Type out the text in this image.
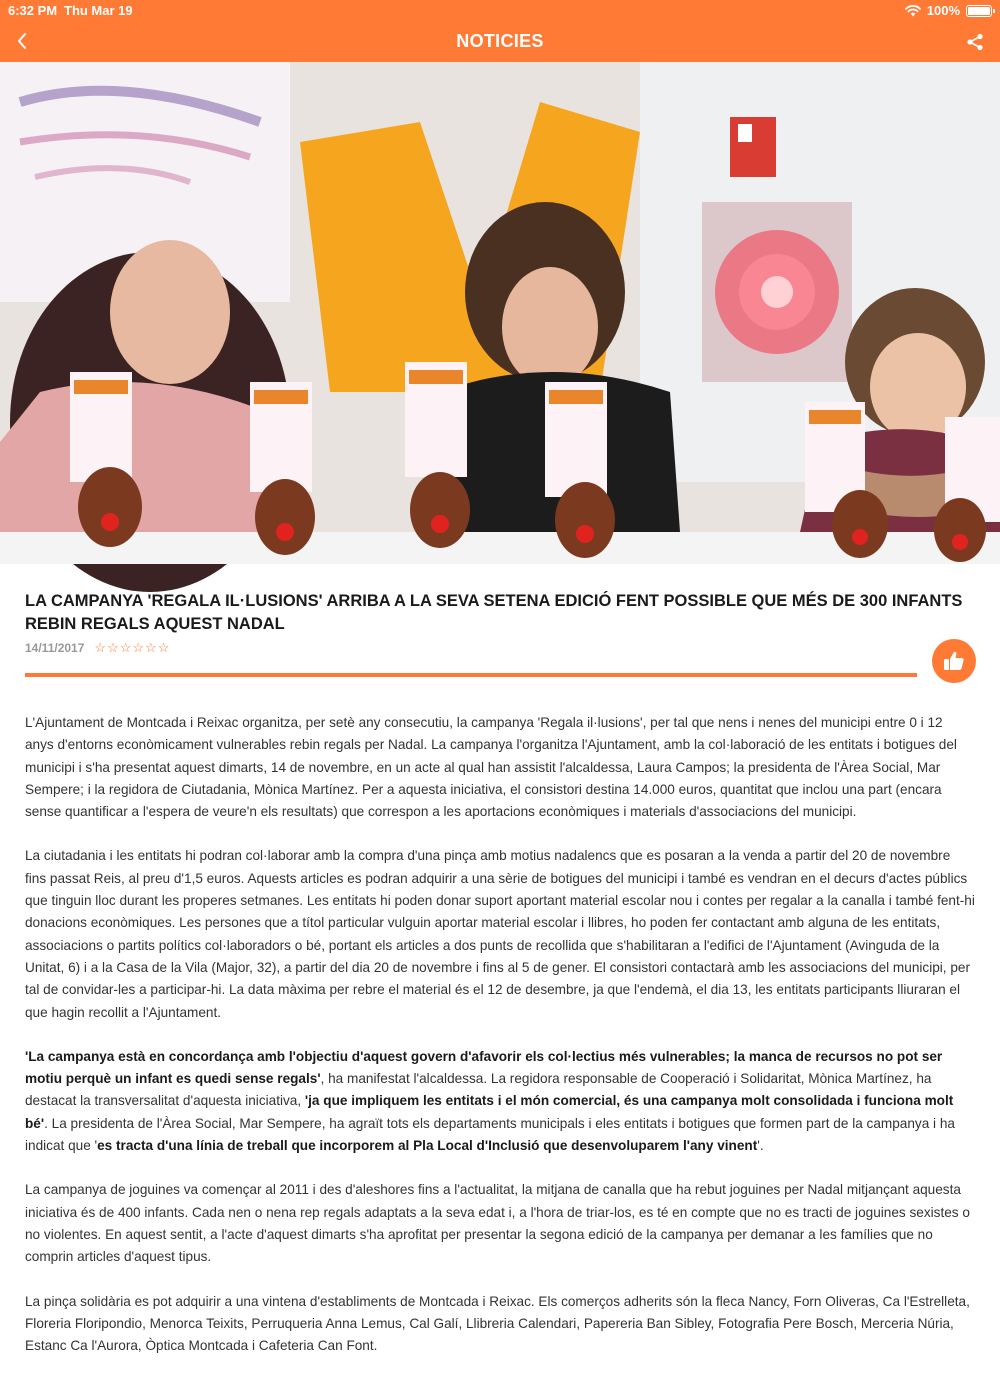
6:32 PM Thu Mar 19	100%
NOTICIES
LA CAMPANYA 'REGALA IL·LUSIONS' ARRIBA A LA SEVA SETENA EDICIÓ FENT POSSIBLE QUE MÉS DE 300 INFANTS REBIN REGALS AQUEST NADAL
14/11/2017 ☆ ☆ ☆ ☆ ☆ ☆

L'Ajuntament de Montcada i Reixac organitza, per setè any consecutiu, la campanya 'Regala il·lusions', per tal que nens i nenes del municipi entre 0 i 12 anys d'entorns econòmicament vulnerables rebin regals per Nadal. La campanya l'organitza l'Ajuntament, amb la col·laboració de les entitats i botigues del municipi i s'ha presentat aquest dimarts, 14 de novembre, en un acte al qual han assistit l'alcaldessa, Laura Campos; la presidenta de l'Àrea Social, Mar Sempere; i la regidora de Ciutadania, Mònica Martínez. Per a aquesta iniciativa, el consistori destina 14.000 euros, quantitat que inclou una part (encara sense quantificar a l'espera de veure'n els resultats) que correspon a les aportacions econòmiques i materials d'associacions del municipi.

La ciutadania i les entitats hi podran col·laborar amb la compra d'una pinça amb motius nadalencs que es posaran a la venda a partir del 20 de novembre fins passat Reis, al preu d'1,5 euros. Aquests articles es podran adquirir a una sèrie de botigues del municipi i també es vendran en el decurs d'actes públics que tinguin lloc durant les properes setmanes. Les entitats hi poden donar suport aportant material escolar nou i contes per regalar a la canalla i també fent-hi donacions econòmiques. Les persones que a títol particular vulguin aportar material escolar i llibres, ho poden fer contactant amb alguna de les entitats, associacions o partits polítics col·laboradors o bé, portant els articles a dos punts de recollida que s'habilitaran a l'edifici de l'Ajuntament (Avinguda de la Unitat, 6) i a la Casa de la Vila (Major, 32), a partir del dia 20 de novembre i fins al 5 de gener. El consistori contactarà amb les associacions del municipi, per tal de convidar-les a participar-hi. La data màxima per rebre el material és el 12 de desembre, ja que l'endemà, el dia 13, les entitats participants lliuraran el que hagin recollit a l'Ajuntament.

'La campanya està en concordança amb l'objectiu d'aquest govern d'afavorir els col·lectius més vulnerables; la manca de recursos no pot ser motiu perquè un infant es quedi sense regals', ha manifestat l'alcaldessa. La regidora responsable de Cooperació i Solidaritat, Mònica Martínez, ha destacat la transversalitat d'aquesta iniciativa, 'ja que impliquem les entitats i el món comercial, és una campanya molt consolidada i funciona molt bé'. La presidenta de l'Àrea Social, Mar Sempere, ha agraït tots els departaments municipals i eles entitats i botigues que formen part de la campanya i ha indicat que 'es tracta d'una línia de treball que incorporem al Pla Local d'Inclusió que desenvoluparem l'any vinent'.

La campanya de joguines va començar al 2011 i des d'aleshores fins a l'actualitat, la mitjana de canalla que ha rebut joguines per Nadal mitjançant aquesta iniciativa és de 400 infants. Cada nen o nena rep regals adaptats a la seva edat i, a l'hora de triar-los, es té en compte que no es tracti de joguines sexistes o no violentes. En aquest sentit, a l'acte d'aquest dimarts s'ha aprofitat per presentar la segona edició de la campanya per demanar a les famílies que no comprin articles d'aquest tipus.

La pinça solidària es pot adquirir a una vintena d'establiments de Montcada i Reixac. Els comerços adherits són la fleca Nancy, Forn Oliveras, Ca l'Estrelleta, Floreria Floripondio, Menorca Teixits, Perruqueria Anna Lemus, Cal Galí, Llibreria Calendari, Papereria Ban Sibley, Fotografia Pere Bosch, Merceria Núria, Estanc Ca l'Aurora, Òptica Montcada i Cafeteria Can Font.
